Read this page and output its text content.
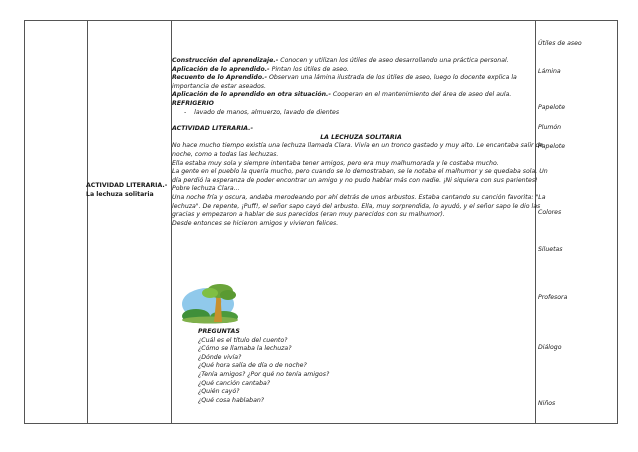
ACTIVIDAD LITERARIA.-
La lechuza solitaria

Construcción del aprendizaje.- Conocen y utilizan los útiles de aseo desarrollando una práctica personal.

Aplicación de lo aprendido.- Pintan los útiles de aseo.

Recuento de lo Aprendido.- Observan una lámina ilustrada de los útiles de aseo, luego lo docente explica la importancia de estar aseados.

Aplicación de lo aprendido en otra situación.- Cooperan en el mantenimiento del área de aseo del aula.

REFRIGERIO

- lavado de manos, almuerzo, lavado de dientes

ACTIVIDAD LITERARIA.-

LA LECHUZA SOLITARIA

No hace mucho tiempo existía una lechuza llamada Clara. Vivía en un tronco gastado y muy alto. Le encantaba salir de noche, como a todas las lechuzas.

Ella estaba muy sola y siempre intentaba tener amigos, pero era muy malhumorada y le costaba mucho.

La gente en el pueblo la quería mucho, pero cuando se lo demostraban, se le notaba el malhumor y se quedaba sola. Un día perdió la esperanza de poder encontrar un amigo y no pudo hablar más con nadie. ¡Ni siquiera con sus parientes! Pobre lechuza Clara...

Una noche fría y oscura, andaba merodeando por ahí detrás de unos arbustos. Estaba cantando su canción favorita: "La lechuza". De repente, ¡Puff!, el señor sapo cayó del arbusto. Ella, muy sorprendida, lo ayudó, y el señor sapo le dio las gracias y empezaron a hablar de sus parecidos (eran muy parecidos con su malhumor).

Desde entonces se hicieron amigos y vivieron felices.

PREGUNTAS
¿Cuál es el título del cuento?
¿Cómo se llamaba la lechuza?
¿Dónde vivía?
¿Qué hora salía de día o de noche?
¿Tenía amigos? ¿Por qué no tenía amigos?
¿Qué canción cantaba?
¿Quién cayó?
¿Qué cosa hablaban?
Útiles de aseo
Lámina
Papelote
Plumón
Papelote
Colores
Siluetas
Profesora
Diálogo
Niños
